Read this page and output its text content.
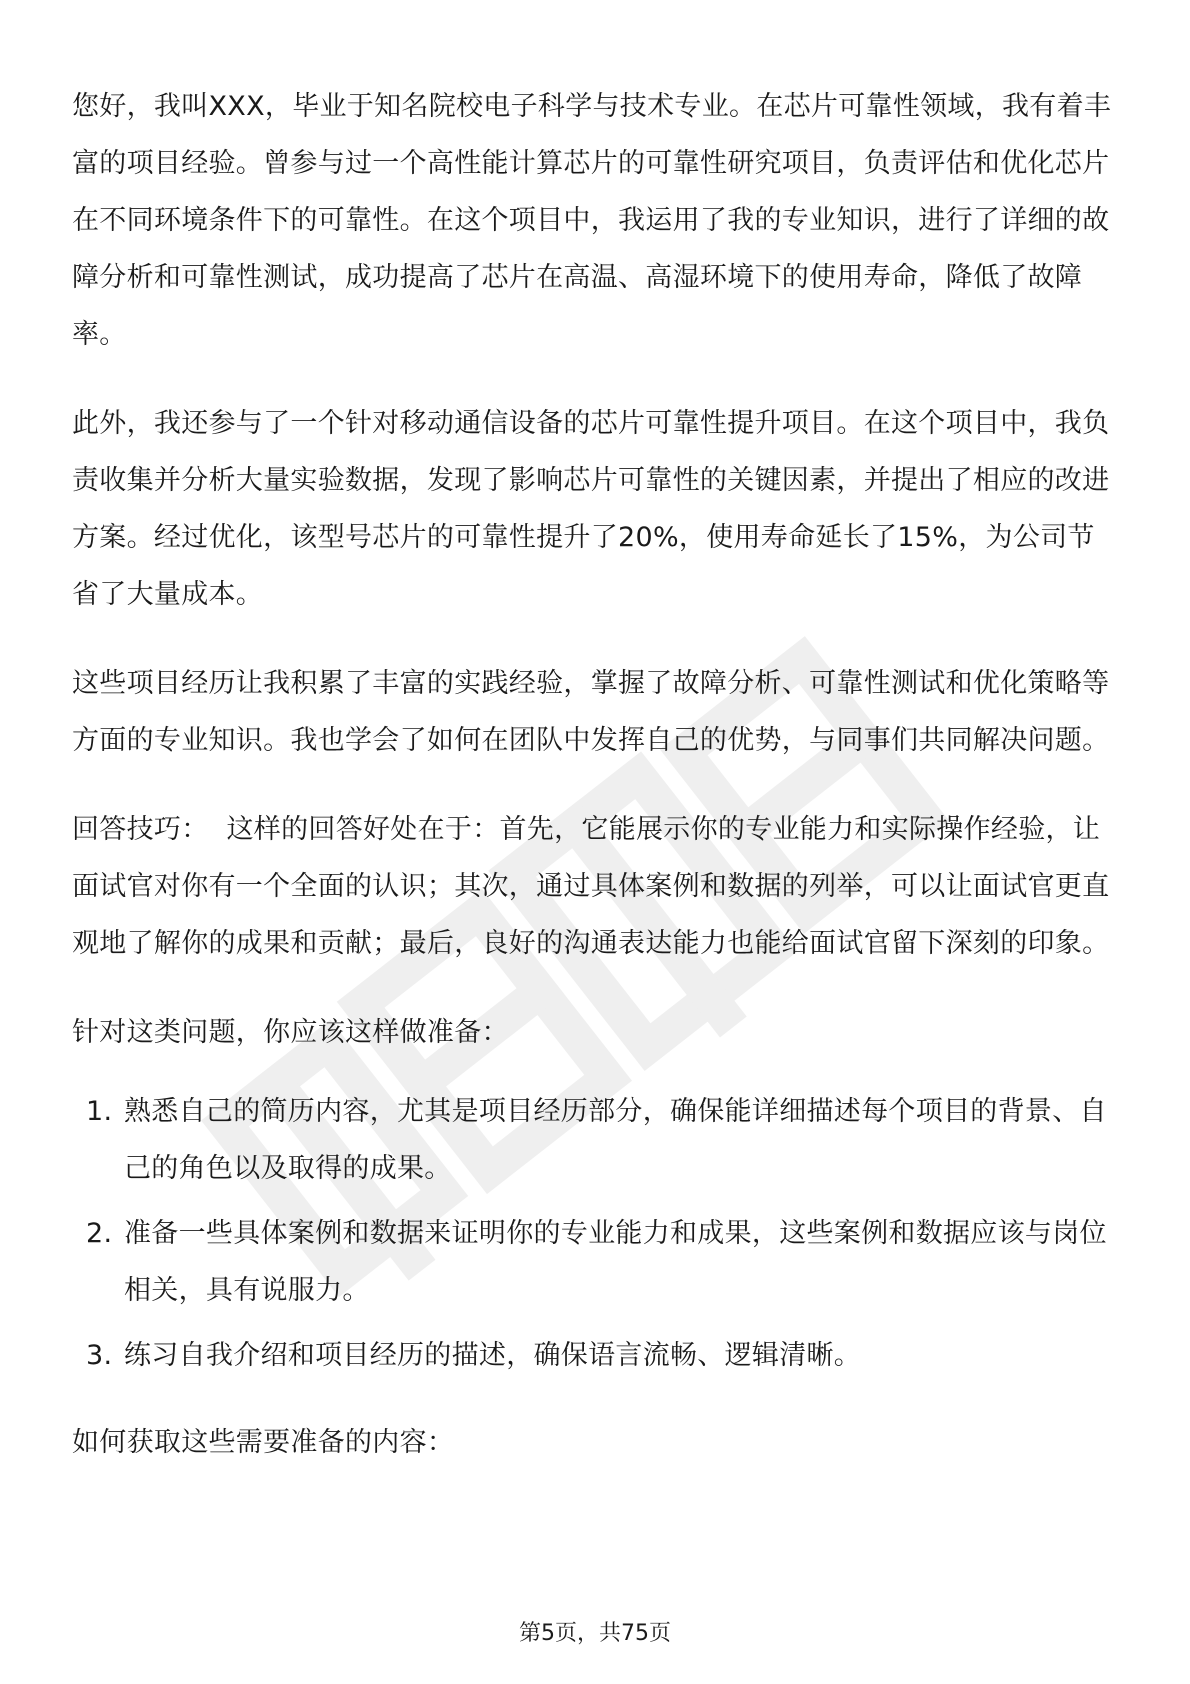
您好，我叫XXX，毕业于知名院校电子科学与技术专业。在芯片可靠性领域，我有着丰富的项目经验。曾参与过一个高性能计算芯片的可靠性研究项目，负责评估和优化芯片在不同环境条件下的可靠性。在这个项目中，我运用了我的专业知识，进行了详细的故障分析和可靠性测试，成功提高了芯片在高温、高湿环境下的使用寿命，降低了故障率。

此外，我还参与了一个针对移动通信设备的芯片可靠性提升项目。在这个项目中，我负责收集并分析大量实验数据，发现了影响芯片可靠性的关键因素，并提出了相应的改进方案。经过优化，该型号芯片的可靠性提升了20%，使用寿命延长了15%，为公司节省了大量成本。

这些项目经历让我积累了丰富的实践经验，掌握了故障分析、可靠性测试和优化策略等方面的专业知识。我也学会了如何在团队中发挥自己的优势，与同事们共同解决问题。

回答技巧： 这样的回答好处在于：首先，它能展示你的专业能力和实际操作经验，让面试官对你有一个全面的认识；其次，通过具体案例和数据的列举，可以让面试官更直观地了解你的成果和贡献；最后，良好的沟通表达能力也能给面试官留下深刻的印象。

针对这类问题，你应该这样做准备：

1. 熟悉自己的简历内容，尤其是项目经历部分，确保能详细描述每个项目的背景、自己的角色以及取得的成果。
2. 准备一些具体案例和数据来证明你的专业能力和成果，这些案例和数据应该与岗位相关，具有说服力。
3. 练习自我介绍和项目经历的描述，确保语言流畅、逻辑清晰。

如何获取这些需要准备的内容：

第5页，共75页
